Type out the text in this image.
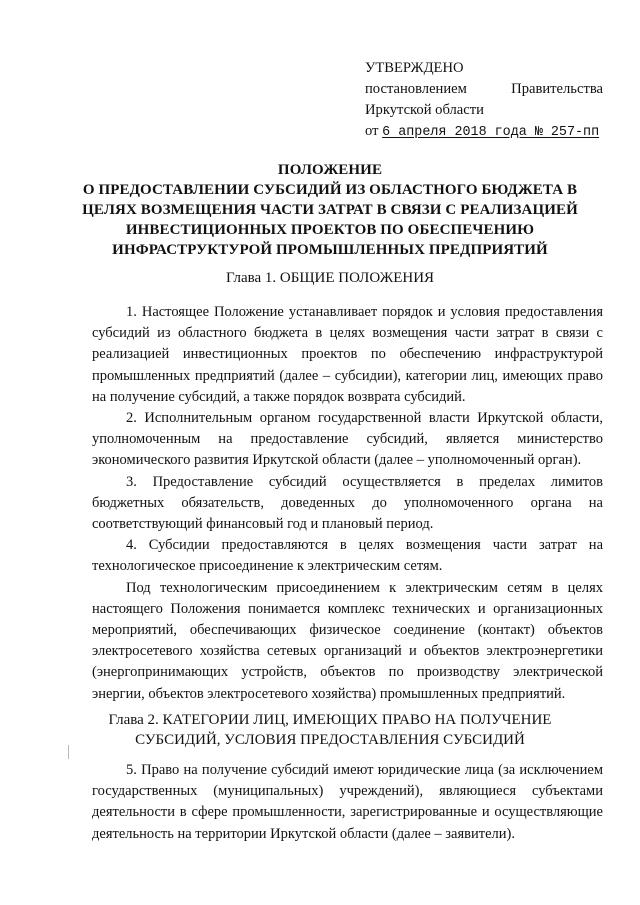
УТВЕРЖДЕНО
постановлением	Правительства
Иркутской области
от 6 апреля 2018 года № 257-пп
ПОЛОЖЕНИЕ
О ПРЕДОСТАВЛЕНИИ СУБСИДИЙ ИЗ ОБЛАСТНОГО БЮДЖЕТА В
ЦЕЛЯХ ВОЗМЕЩЕНИЯ ЧАСТИ ЗАТРАТ В СВЯЗИ С РЕАЛИЗАЦИЕЙ
ИНВЕСТИЦИОННЫХ ПРОЕКТОВ ПО ОБЕСПЕЧЕНИЮ
ИНФРАСТРУКТУРОЙ ПРОМЫШЛЕННЫХ ПРЕДПРИЯТИЙ
Глава 1. ОБЩИЕ ПОЛОЖЕНИЯ

1. Настоящее Положение устанавливает порядок и условия предоставления субсидий из областного бюджета в целях возмещения части затрат в связи с реализацией инвестиционных проектов по обеспечению инфраструктурой промышленных предприятий (далее – субсидии), категории лиц, имеющих право на получение субсидий, а также порядок возврата субсидий.

2. Исполнительным органом государственной власти Иркутской области, уполномоченным на предоставление субсидий, является министерство экономического развития Иркутской области (далее – уполномоченный орган).

3. Предоставление субсидий осуществляется в пределах лимитов бюджетных обязательств, доведенных до уполномоченного органа на соответствующий финансовый год и плановый период.

4. Субсидии предоставляются в целях возмещения части затрат на технологическое присоединение к электрическим сетям.

Под технологическим присоединением к электрическим сетям в целях настоящего Положения понимается комплекс технических и организационных мероприятий, обеспечивающих физическое соединение (контакт) объектов электросетевого хозяйства сетевых организаций и объектов электроэнергетики (энергопринимающих устройств, объектов по производству электрической энергии, объектов электросетевого хозяйства) промышленных предприятий.

Глава 2. КАТЕГОРИИ ЛИЦ, ИМЕЮЩИХ ПРАВО НА ПОЛУЧЕНИЕ
СУБСИДИЙ, УСЛОВИЯ ПРЕДОСТАВЛЕНИЯ СУБСИДИЙ

5. Право на получение субсидий имеют юридические лица (за исключением государственных (муниципальных) учреждений), являющиеся субъектами деятельности в сфере промышленности, зарегистрированные и осуществляющие деятельность на территории Иркутской области (далее – заявители).
